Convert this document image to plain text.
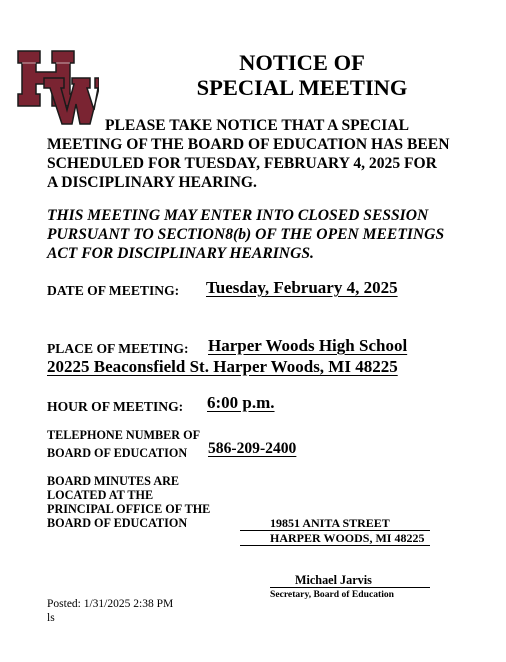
NOTICE OF
SPECIAL MEETING
PLEASE TAKE NOTICE THAT A SPECIAL
MEETING OF THE BOARD OF EDUCATION HAS BEEN
SCHEDULED FOR TUESDAY, FEBRUARY 4, 2025 FOR
A DISCIPLINARY HEARING.
THIS MEETING MAY ENTER INTO CLOSED SESSION
PURSUANT TO SECTION8(b) OF THE OPEN MEETINGS
ACT FOR DISCIPLINARY HEARINGS.
DATE OF MEETING: Tuesday, February 4, 2025
PLACE OF MEETING: Harper Woods High School
20225 Beaconsfield St. Harper Woods, MI 48225
HOUR OF MEETING: 6:00 p.m.
TELEPHONE NUMBER OF
BOARD OF EDUCATION 586-209-2400
BOARD MINUTES ARE
LOCATED AT THE
PRINCIPAL OFFICE OF THE
BOARD OF EDUCATION	19851 ANITA STREET
HARPER WOODS, MI 48225
Michael Jarvis
Secretary, Board of Education
Posted: 1/31/2025 2:38 PM
ls
